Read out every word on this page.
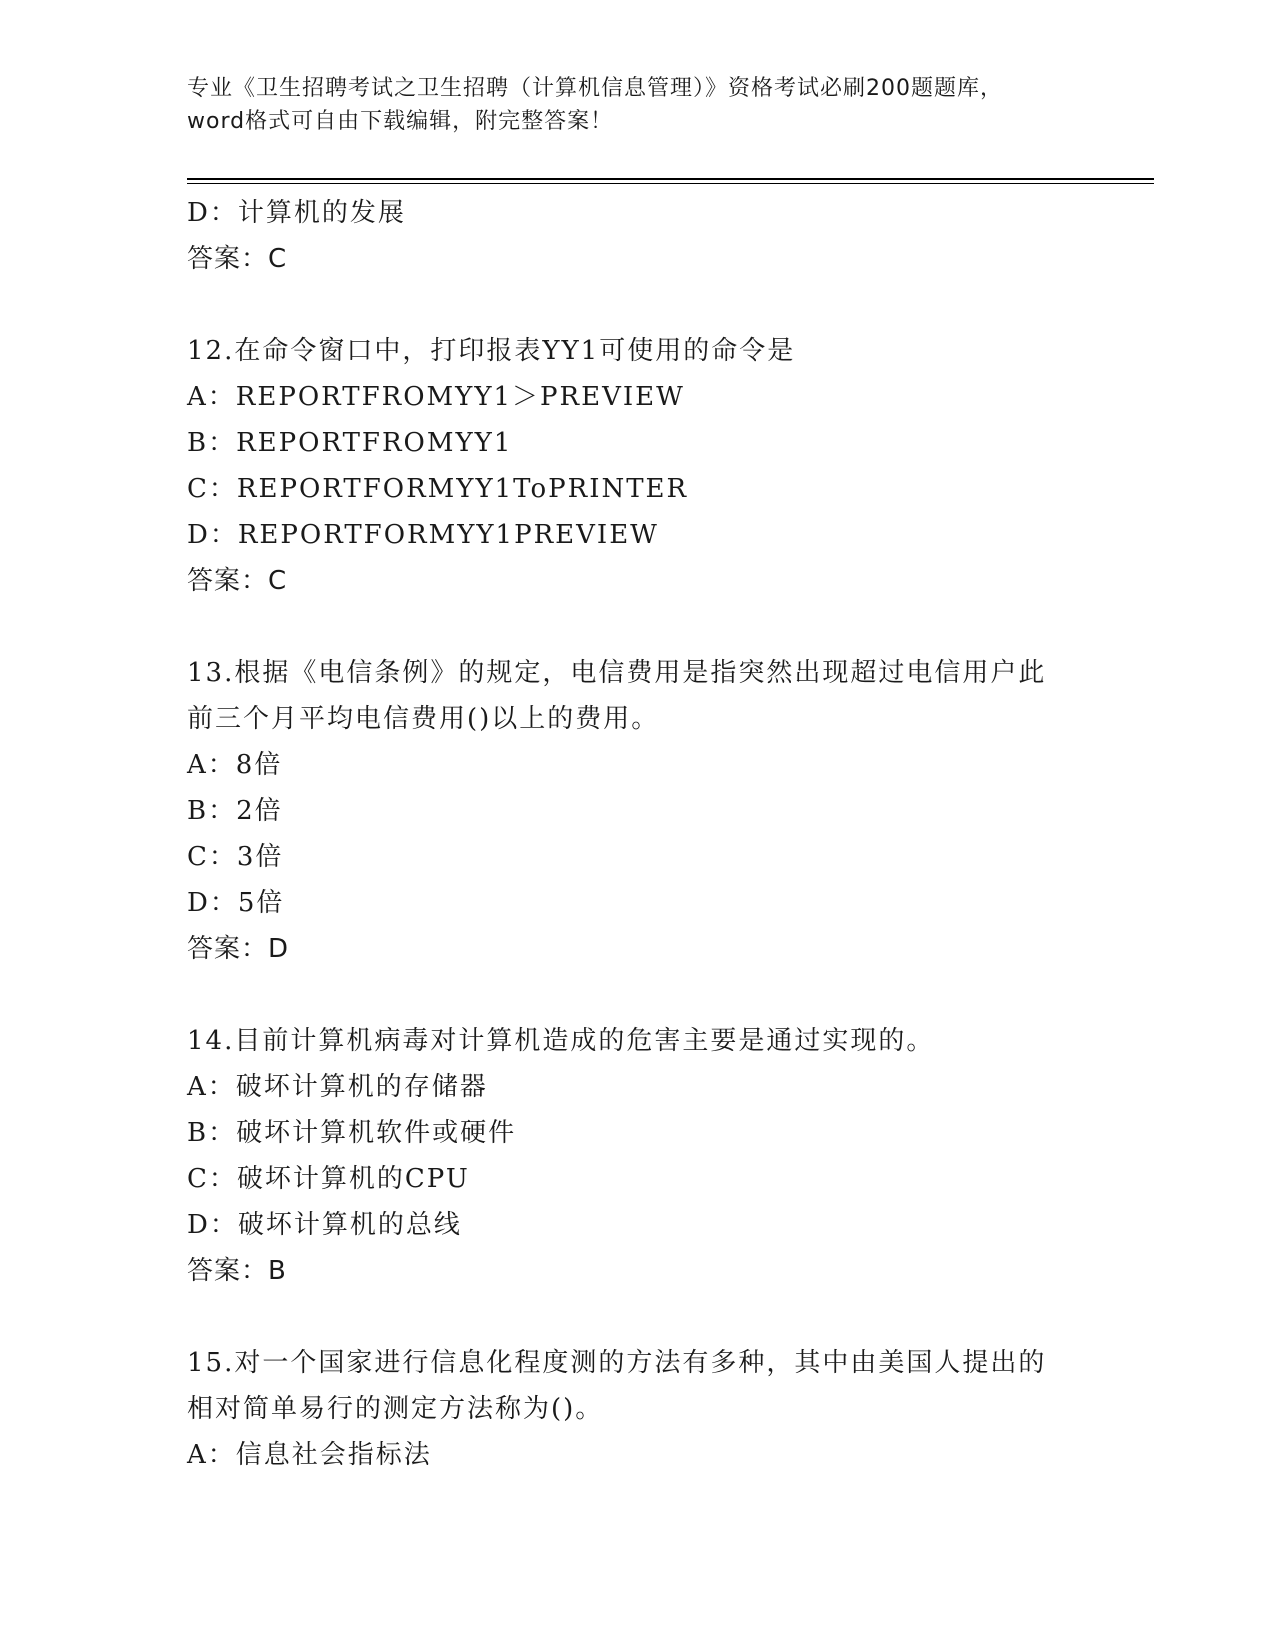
专业《卫生招聘考试之卫生招聘（计算机信息管理）》资格考试必刷200题题库，
word格式可自由下载编辑，附完整答案！
D：计算机的发展
答案：C
12.在命令窗口中，打印报表YY1可使用的命令是
A：REPORTFROMYY1＞PREVIEW
B：REPORTFROMYY1
C：REPORTFORMYY1ToPRINTER
D：REPORTFORMYY1PREVIEW
答案：C
13.根据《电信条例》的规定，电信费用是指突然出现超过电信用户此
前三个月平均电信费用()以上的费用。
A：8倍
B：2倍
C：3倍
D：5倍
答案：D
14.目前计算机病毒对计算机造成的危害主要是通过实现的。
A：破坏计算机的存储器
B：破坏计算机软件或硬件
C：破坏计算机的CPU
D：破坏计算机的总线
答案：B
15.对一个国家进行信息化程度测的方法有多种，其中由美国人提出的
相对简单易行的测定方法称为()。
A：信息社会指标法
